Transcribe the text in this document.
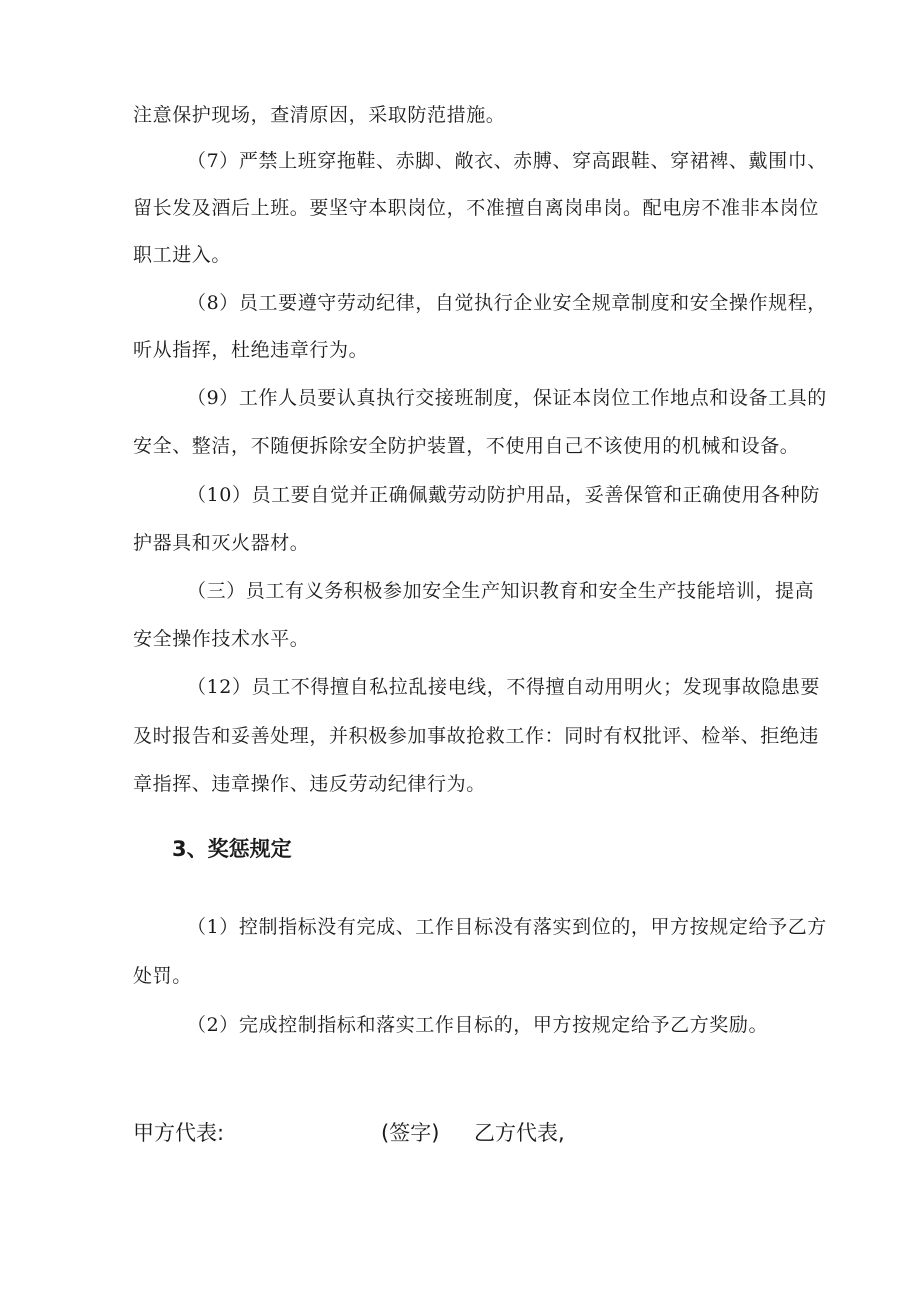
注意保护现场，查清原因，采取防范措施。
（7）严禁上班穿拖鞋、赤脚、敞衣、赤膊、穿高跟鞋、穿裙裨、戴围巾、
留长发及酒后上班。要坚守本职岗位，不准擅自离岗串岗。配电房不准非本岗位
职工进入。
（8）员工要遵守劳动纪律，自觉执行企业安全规章制度和安全操作规程，
听从指挥，杜绝违章行为。
（9）工作人员要认真执行交接班制度，保证本岗位工作地点和设备工具的
安全、整洁，不随便拆除安全防护装置，不使用自己不该使用的机械和设备。
（10）员工要自觉并正确佩戴劳动防护用品，妥善保管和正确使用各种防
护器具和灭火器材。
（三）员工有义务积极参加安全生产知识教育和安全生产技能培训，提高
安全操作技术水平。
（12）员工不得擅自私拉乱接电线，不得擅自动用明火；发现事故隐患要
及时报告和妥善处理，并积极参加事故抢救工作：同时有权批评、检举、拒绝违
章指挥、违章操作、违反劳动纪律行为。
3、奖惩规定
（1）控制指标没有完成、工作目标没有落实到位的，甲方按规定给予乙方
处罚。
（2）完成控制指标和落实工作目标的，甲方按规定给予乙方奖励。
甲方代表:	(签字) 乙方代表,
